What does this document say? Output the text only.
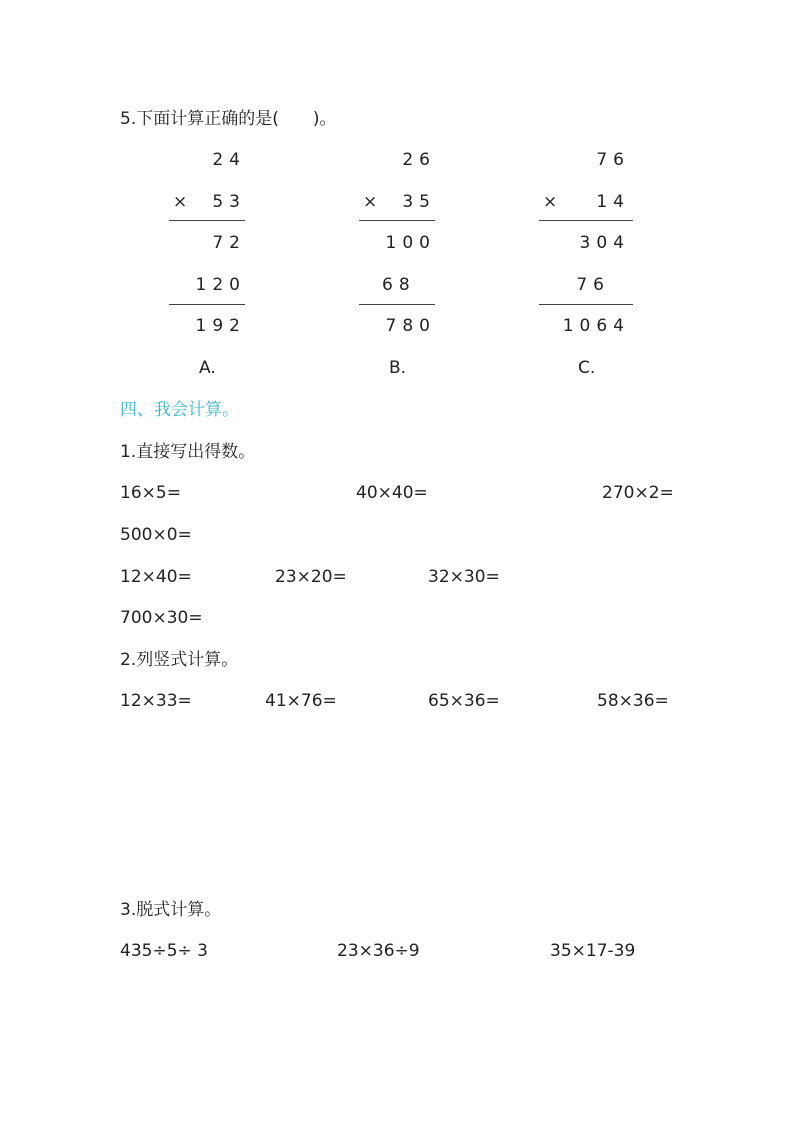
5.下面计算正确的是(　　)。
24
× 53
72
120
192
A.
26
× 35
100
68
780
B.
76
× 14
304
76
1064
C.
四、我会计算。
1.直接写出得数。
16×5=	40×40=	270×2=
500×0=
12×40=	23×20=	32×30=
700×30=
2.列竖式计算。
12×33=	41×76=	65×36=	58×36=
3.脱式计算。
435÷5÷ 3	23×36÷9	35×17-39
